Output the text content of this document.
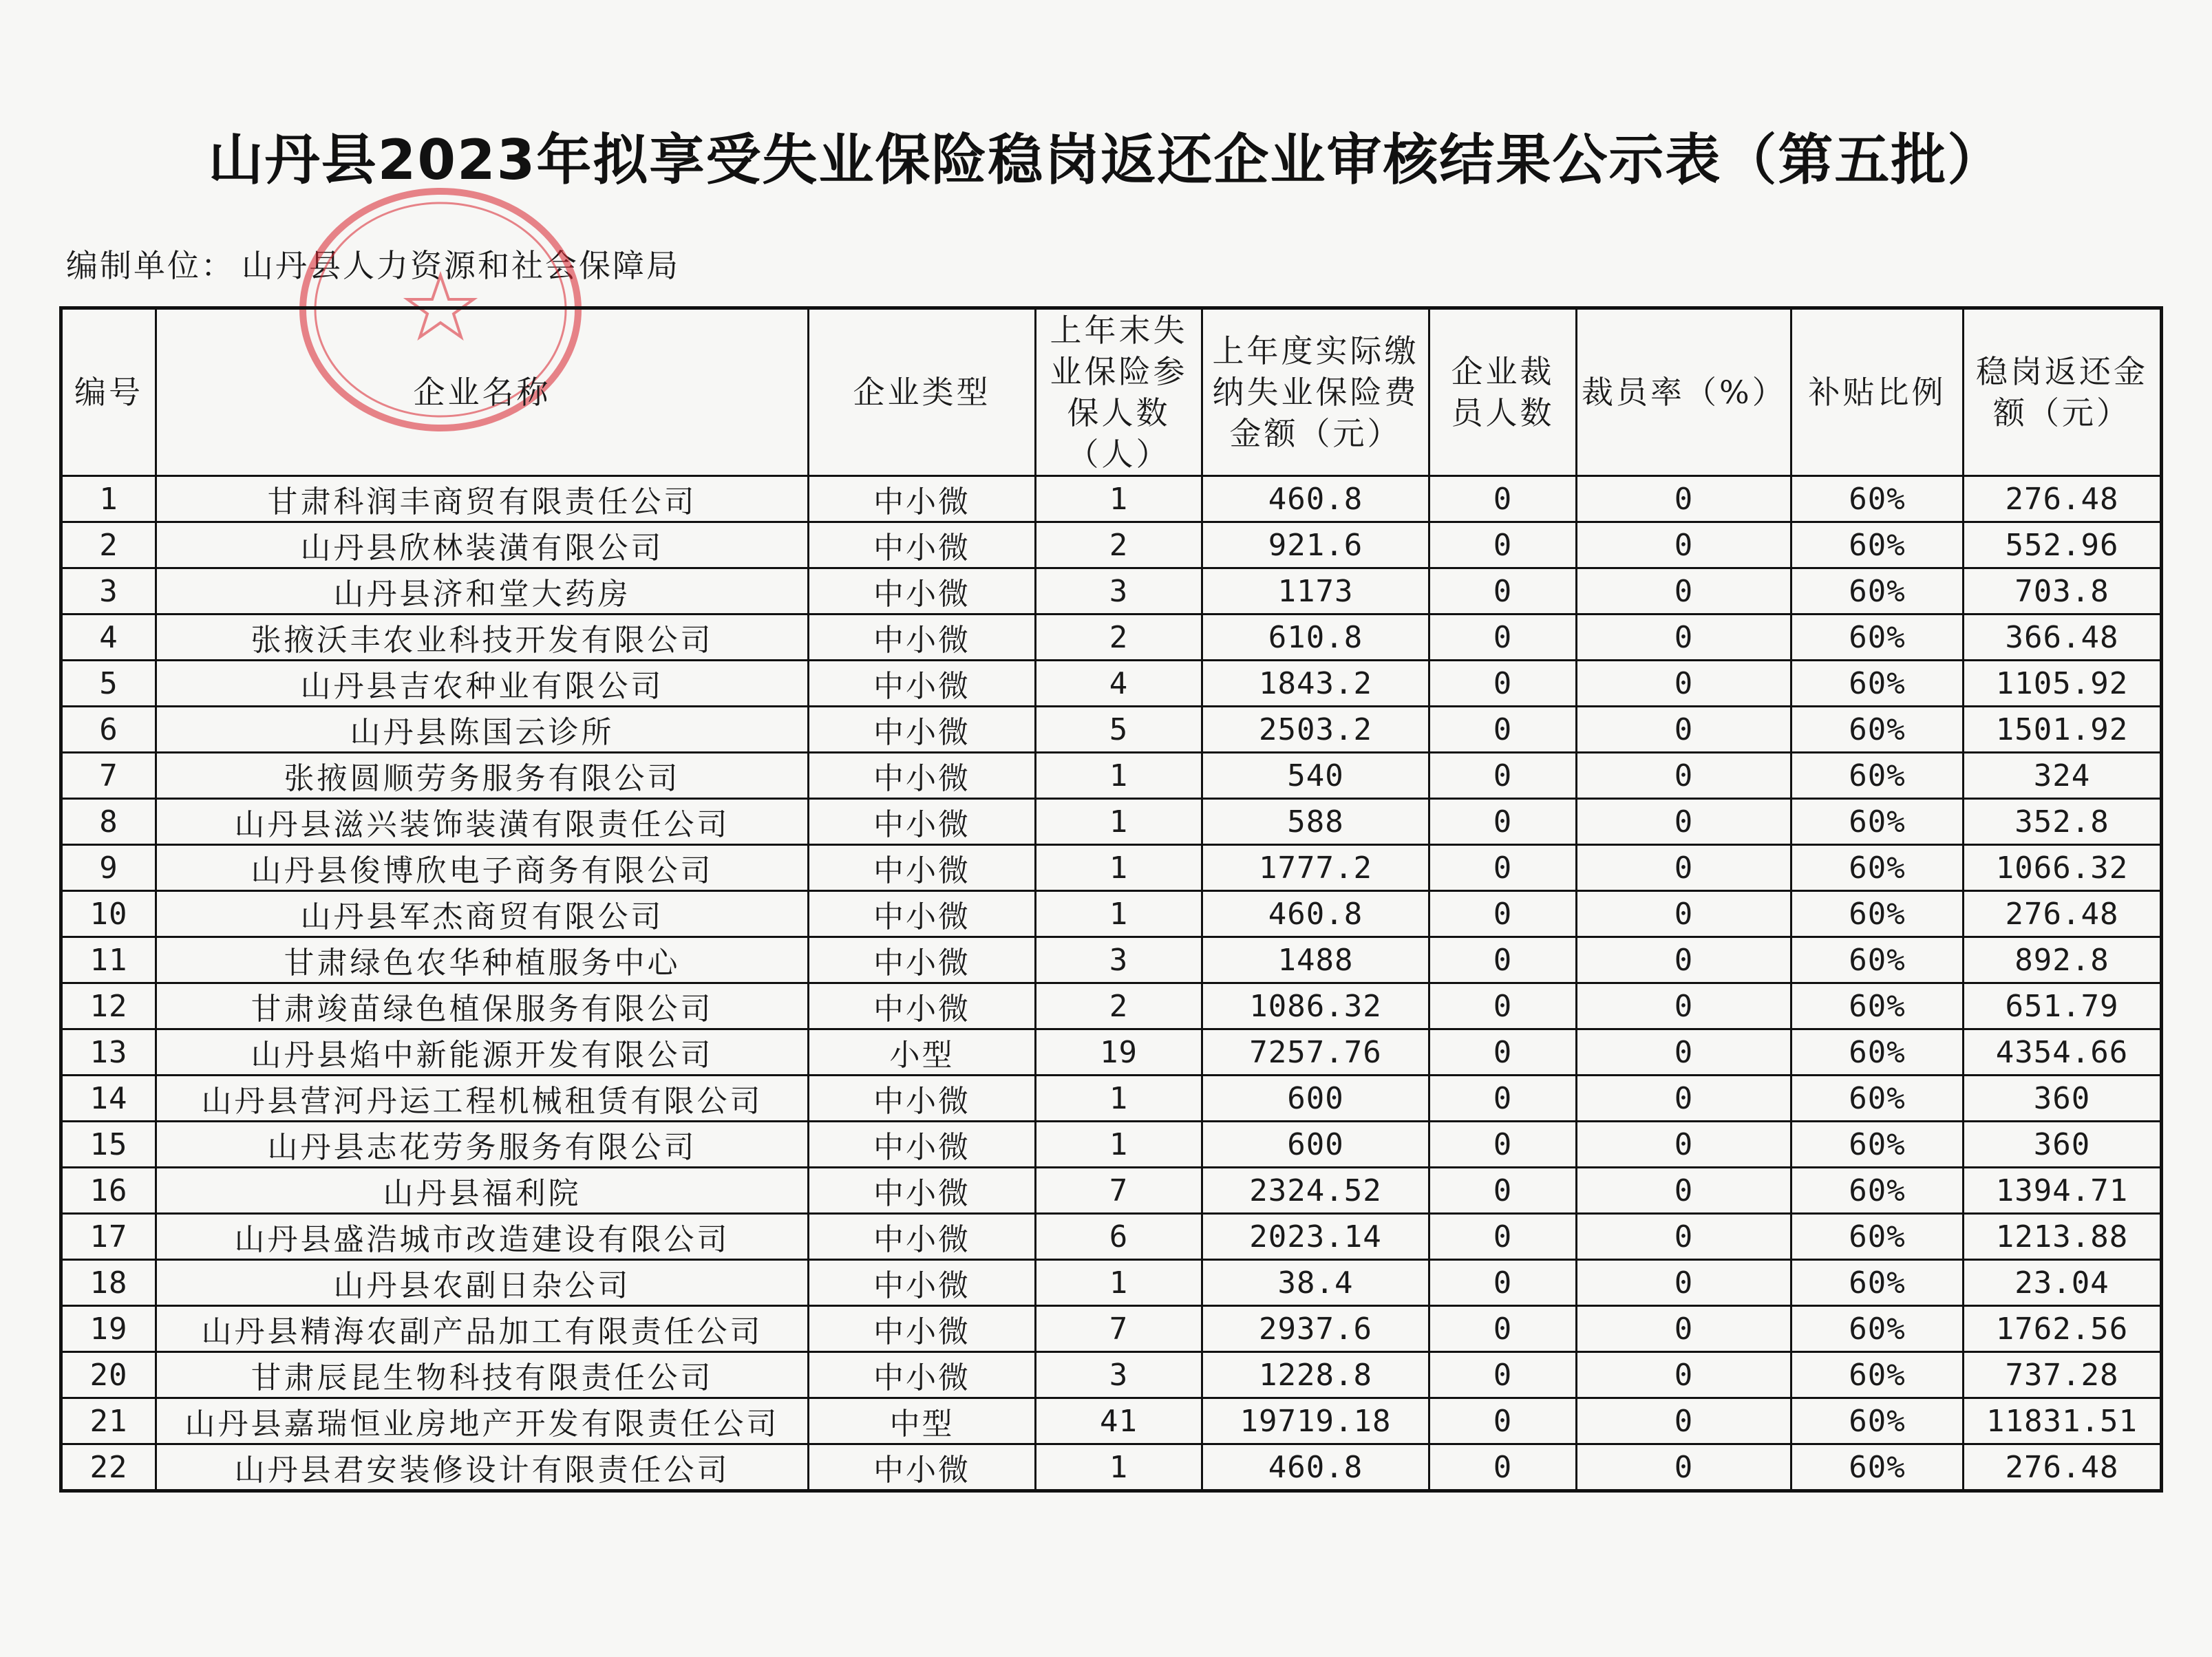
山丹县2023年拟享受失业保险稳岗返还企业审核结果公示表（第五批）
编制单位： 山丹县人力资源和社会保障局
编号	企业名称	企业类型	上年末失业保险参保人数（人）	上年度实际缴纳失业保险费金额（元）	企业裁员人数	裁员率（%）	补贴比例	稳岗返还金额（元）
1	甘肃科润丰商贸有限责任公司	中小微	1	460.8	0	0	60%	276.48
2	山丹县欣林装潢有限公司	中小微	2	921.6	0	0	60%	552.96
3	山丹县济和堂大药房	中小微	3	1173	0	0	60%	703.8
4	张掖沃丰农业科技开发有限公司	中小微	2	610.8	0	0	60%	366.48
5	山丹县吉农种业有限公司	中小微	4	1843.2	0	0	60%	1105.92
6	山丹县陈国云诊所	中小微	5	2503.2	0	0	60%	1501.92
7	张掖圆顺劳务服务有限公司	中小微	1	540	0	0	60%	324
8	山丹县滋兴装饰装潢有限责任公司	中小微	1	588	0	0	60%	352.8
9	山丹县俊博欣电子商务有限公司	中小微	1	1777.2	0	0	60%	1066.32
10	山丹县军杰商贸有限公司	中小微	1	460.8	0	0	60%	276.48
11	甘肃绿色农华种植服务中心	中小微	3	1488	0	0	60%	892.8
12	甘肃竣苗绿色植保服务有限公司	中小微	2	1086.32	0	0	60%	651.79
13	山丹县焰中新能源开发有限公司	小型	19	7257.76	0	0	60%	4354.66
14	山丹县营河丹运工程机械租赁有限公司	中小微	1	600	0	0	60%	360
15	山丹县志花劳务服务有限公司	中小微	1	600	0	0	60%	360
16	山丹县福利院	中小微	7	2324.52	0	0	60%	1394.71
17	山丹县盛浩城市改造建设有限公司	中小微	6	2023.14	0	0	60%	1213.88
18	山丹县农副日杂公司	中小微	1	38.4	0	0	60%	23.04
19	山丹县精海农副产品加工有限责任公司	中小微	7	2937.6	0	0	60%	1762.56
20	甘肃辰昆生物科技有限责任公司	中小微	3	1228.8	0	0	60%	737.28
21	山丹县嘉瑞恒业房地产开发有限责任公司	中型	41	19719.18	0	0	60%	11831.51
22	山丹县君安装修设计有限责任公司	中小微	1	460.8	0	0	60%	276.48
